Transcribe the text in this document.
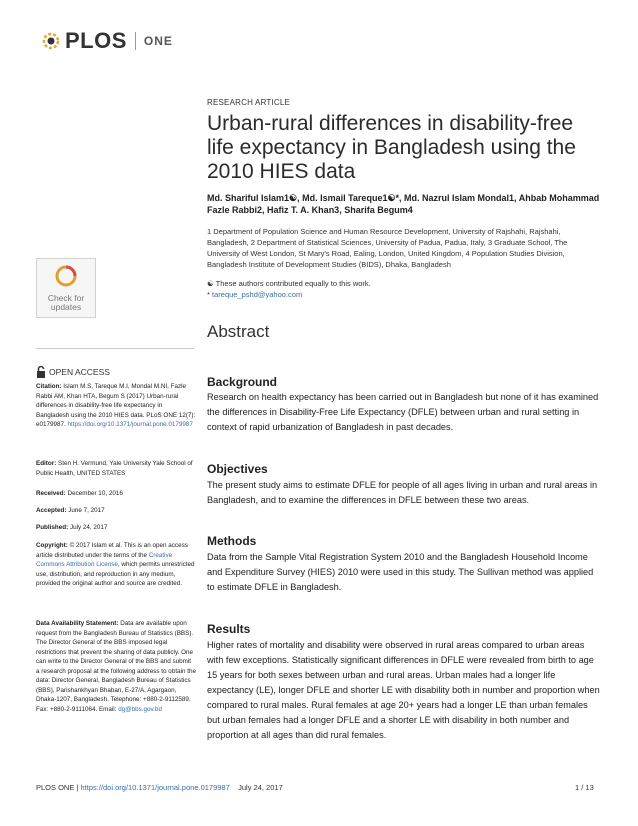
PLOS ONE
RESEARCH ARTICLE
Urban-rural differences in disability-free life expectancy in Bangladesh using the 2010 HIES data
Md. Shariful Islam1☯, Md. Ismail Tareque1☯*, Md. Nazrul Islam Mondal1, Ahbab Mohammad Fazle Rabbi2, Hafiz T. A. Khan3, Sharifa Begum4
1 Department of Population Science and Human Resource Development, University of Rajshahi, Rajshahi, Bangladesh, 2 Department of Statistical Sciences, University of Padua, Padua, Italy, 3 Graduate School, The University of West London, St Mary's Road, Ealing, London, United Kingdom, 4 Population Studies Division, Bangladesh Institute of Development Studies (BIDS), Dhaka, Bangladesh
☯ These authors contributed equally to this work.
* tareque_pshd@yahoo.com
Abstract
Background
Research on health expectancy has been carried out in Bangladesh but none of it has examined the differences in Disability-Free Life Expectancy (DFLE) between urban and rural setting in context of rapid urbanization of Bangladesh in past decades.
Objectives
The present study aims to estimate DFLE for people of all ages living in urban and rural areas in Bangladesh, and to examine the differences in DFLE between these two areas.
Methods
Data from the Sample Vital Registration System 2010 and the Bangladesh Household Income and Expenditure Survey (HIES) 2010 were used in this study. The Sullivan method was applied to estimate DFLE in Bangladesh.
Results
Higher rates of mortality and disability were observed in rural areas compared to urban areas with few exceptions. Statistically significant differences in DFLE were revealed from birth to age 15 years for both sexes between urban and rural areas. Urban males had a longer life expectancy (LE), longer DFLE and shorter LE with disability both in number and proportion when compared to rural males. Rural females at age 20+ years had a longer LE than urban females but urban females had a longer DFLE and a shorter LE with disability in both number and proportion at all ages than did rural females.
Check for
updates
OPEN ACCESS
Citation: Islam M.S, Tareque M.I, Mondal M.NI, Fazle Rabbi AM, Khan HTA, Begum S (2017) Urban-rural differences in disability-free life expectancy in Bangladesh using the 2010 HIES data. PLoS ONE 12(7): e0179987. https://doi.org/10.1371/journal.pone.0179987
Editor: Sten H. Vermund, Yale University Yale School of Public Health, UNITED STATES
Received: December 10, 2016
Accepted: June 7, 2017
Published: July 24, 2017
Copyright: © 2017 Islam et al. This is an open access article distributed under the terms of the Creative Commons Attribution License, which permits unrestricted use, distribution, and reproduction in any medium, provided the original author and source are credited.
Data Availability Statement: Data are available upon request from the Bangladesh Bureau of Statistics (BBS). The Director General of the BBS imposed legal restrictions that prevent the sharing of data publicly. One can write to the Director General of the BBS and submit a research proposal at the following address to obtain the data: Director General, Bangladesh Bureau of Statistics (BBS), Parishankhyan Bhaban, E-27/A, Agargaon, Dhaka-1207, Bangladesh. Telephone: +880-2-9112589, Fax: +880-2-9111064. Email: dg@bbs.gov.bd
PLOS ONE | https://doi.org/10.1371/journal.pone.0179987 July 24, 2017	1 / 13
